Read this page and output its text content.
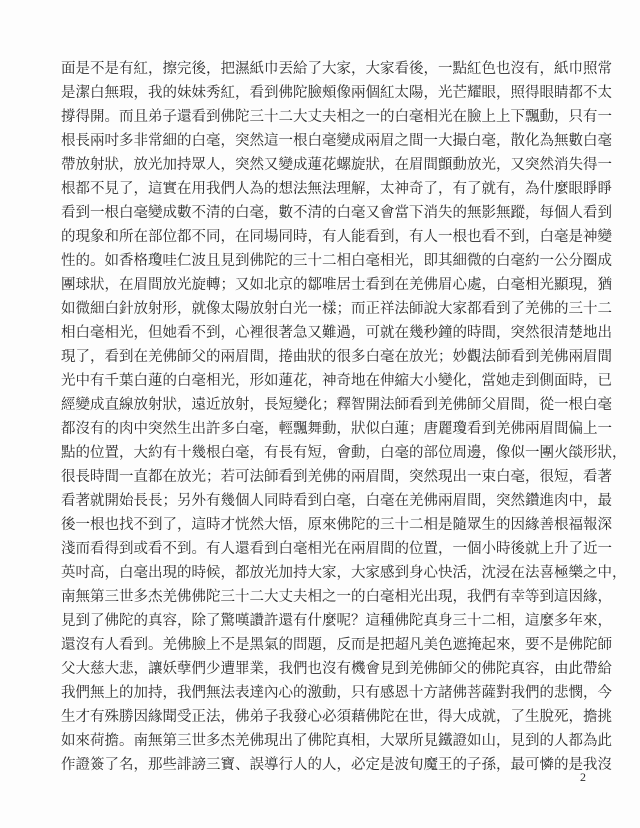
面是不是有紅，擦完後，把濕紙巾丟給了大家，大家看後，一點紅色也沒有，紙巾照常
是潔白無瑕，我的妹妹秀紅，看到佛陀臉頰像兩個紅太陽，光芒耀眼，照得眼睛都不太
撐得開。而且弟子還看到佛陀三十二大丈夫相之一的白毫相光在臉上上下飄動，只有一
根長兩吋多非常細的白毫，突然這一根白毫變成兩眉之間一大撮白毫，散化為無數白毫
帶放射狀，放光加持眾人，突然又變成蓮花螺旋狀，在眉間顫動放光，又突然消失得一
根都不見了，這實在用我們人為的想法無法理解，太神奇了，有了就有，為什麼眼睜睜
看到一根白毫變成數不清的白毫，數不清的白毫又會當下消失的無影無蹤，每個人看到
的現象和所在部位都不同，在同場同時，有人能看到，有人一根也看不到，白毫是神變
性的。如香格瓊哇仁波且見到佛陀的三十二相白毫相光，即其細微的白毫約一公分圈成
團球狀，在眉間放光旋轉；又如北京的鄒唯居士看到在羌佛眉心處，白毫相光顯現，猶
如微細白針放射形，就像太陽放射白光一樣；而正祥法師說大家都看到了羌佛的三十二
相白毫相光，但她看不到，心裡很著急又難過，可就在幾秒鐘的時間，突然很清楚地出
現了，看到在羌佛師父的兩眉間，捲曲狀的很多白毫在放光；妙觀法師看到羌佛兩眉間
光中有千葉白蓮的白毫相光，形如蓮花，神奇地在伸縮大小變化，當她走到側面時，已
經變成直線放射狀，遠近放射，長短變化；釋智開法師看到羌佛師父眉間，從一根白毫
都沒有的肉中突然生出許多白毫，輕飄舞動，狀似白蓮；唐麗瓊看到羌佛兩眉間偏上一
點的位置，大約有十幾根白毫，有長有短，會動，白毫的部位周邊，像似一團火燄形狀，
很長時間一直都在放光；若可法師看到羌佛的兩眉間，突然現出一束白毫，很短，看著
看著就開始長長；另外有幾個人同時看到白毫，白毫在羌佛兩眉間，突然鑽進肉中，最
後一根也找不到了，這時才恍然大悟，原來佛陀的三十二相是隨眾生的因緣善根福報深
淺而看得到或看不到。有人還看到白毫相光在兩眉間的位置，一個小時後就上升了近一
英吋高，白毫出現的時候，都放光加持大家，大家感到身心快活，沈浸在法喜極樂之中，
南無第三世多杰羌佛佛陀三十二大丈夫相之一的白毫相光出現，我們有幸等到這因緣，
見到了佛陀的真容，除了驚嘆讚許還有什麼呢？這種佛陀真身三十二相，這麼多年來，
還沒有人看到。羌佛臉上不是黑氣的問題，反而是把超凡美色遮掩起來，要不是佛陀師
父大慈大悲，讓妖孽們少遭罪業，我們也沒有機會見到羌佛師父的佛陀真容，由此帶給
我們無上的加持，我們無法表達內心的激動，只有感恩十方諸佛菩薩對我們的悲憫，今
生才有殊勝因緣聞受正法，佛弟子我發心必須藉佛陀在世，得大成就，了生脫死，擔挑
如來荷擔。南無第三世多杰羌佛現出了佛陀真相，大眾所見鐵證如山，見到的人都為此
作證簽了名，那些誹謗三寶、誤導行人的人，必定是波旬魔王的子孫，最可憐的是我沒
2
